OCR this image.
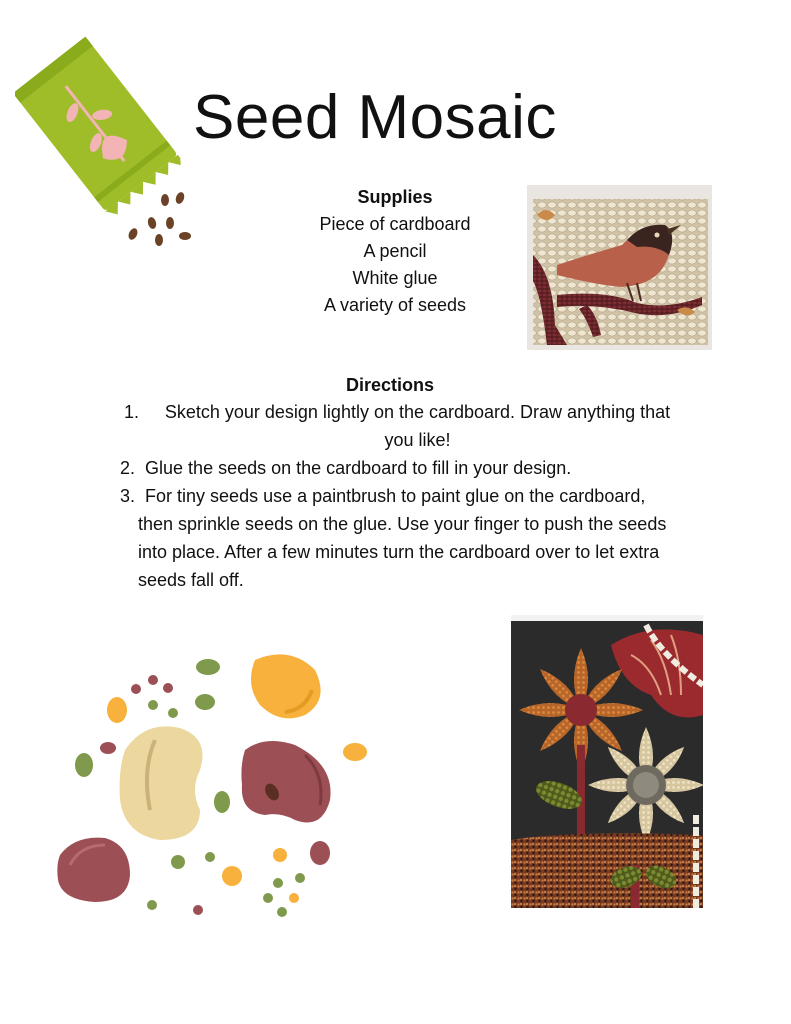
Seed Mosaic
Supplies
Piece of cardboard
A pencil
White glue
A variety of seeds
Directions
1. Sketch your design lightly on the cardboard. Draw anything that you like!
2. Glue the seeds on the cardboard to fill in your design.
3. For tiny seeds use a paintbrush to paint glue on the cardboard, then sprinkle seeds on the glue. Use your finger to push the seeds into place. After a few minutes turn the cardboard over to let extra seeds fall off.
